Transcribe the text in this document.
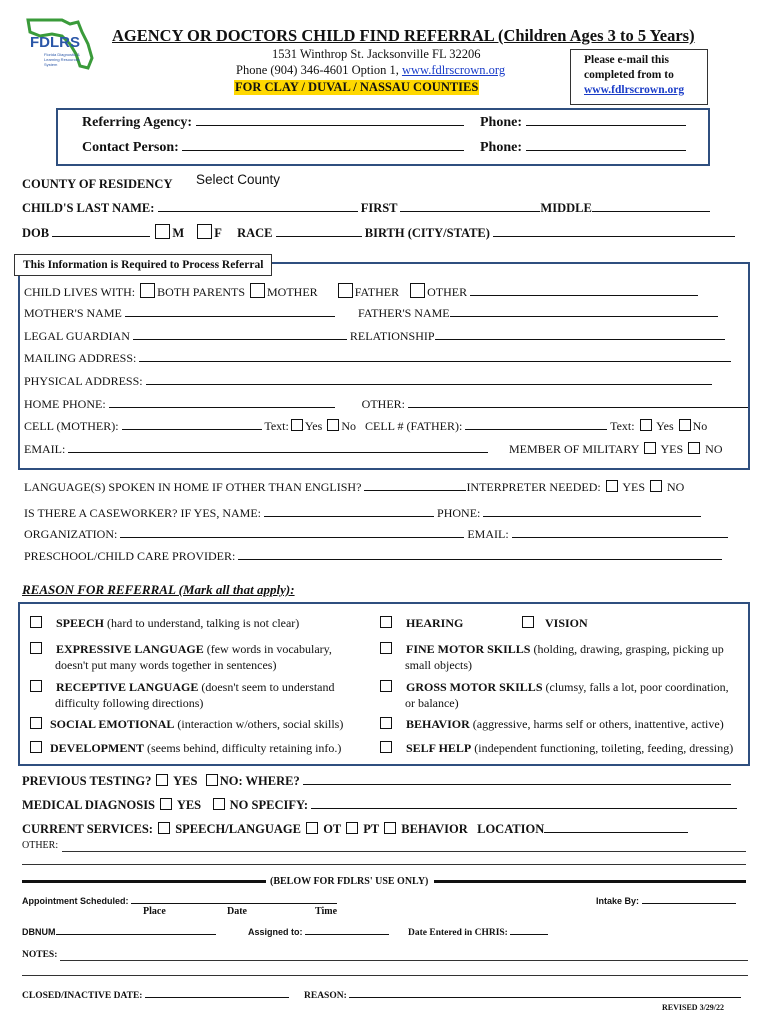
FDLRS
Florida Diagnostic & Learning Resources System
AGENCY OR DOCTORS CHILD FIND REFERRAL (Children Ages 3 to 5 Years)
1531 Winthrop St. Jacksonville FL 32206
Phone (904) 346-4601 Option 1, www.fdlrscrown.org
FOR CLAY / DUVAL / NASSAU COUNTIES
Please e-mail this
completed from to
www.fdlrscrown.org
Referring Agency:	Phone:
Contact Person:	Phone:
COUNTY OF RESIDENCY Select County
CHILD'S LAST NAME:	FIRST	MIDDLE
DOB	M F RACE	BIRTH (CITY/STATE)
This Information is Required to Process Referral
CHILD LIVES WITH: BOTH PARENTS MOTHER	FATHER OTHER
MOTHER'S NAME	FATHER'S NAME
LEGAL GUARDIAN	RELATIONSHIP
MAILING ADDRESS:
PHYSICAL ADDRESS:
HOME PHONE:	OTHER:
CELL (MOTHER):	Text: Yes No CELL # (FATHER):	Text: Yes No
EMAIL:	MEMBER OF MILITARY YES NO
LANGUAGE(S) SPOKEN IN HOME IF OTHER THAN ENGLISH?	INTERPRETER NEEDED: YES NO
IS THERE A CASEWORKER? IF YES, NAME:	PHONE:
ORGANIZATION:	EMAIL:
PRESCHOOL/CHILD CARE PROVIDER:
REASON FOR REFERRAL (Mark all that apply):
SPEECH (hard to understand, talking is not clear)	HEARING	VISION
EXPRESSIVE LANGUAGE (few words in vocabulary,
doesn't put many words together in sentences)
FINE MOTOR SKILLS (holding, drawing, grasping, picking up
small objects)
RECEPTIVE LANGUAGE (doesn't seem to understand
difficulty following directions)
GROSS MOTOR SKILLS (clumsy, falls a lot, poor coordination,
or balance)
SOCIAL EMOTIONAL (interaction w/others, social skills)	BEHAVIOR (aggressive, harms self or others, inattentive, active)
DEVELOPMENT (seems behind, difficulty retaining info.)	SELF HELP (independent functioning, toileting, feeding, dressing)
PREVIOUS TESTING? YES NO: WHERE?
MEDICAL DIAGNOSIS YES NO SPECIFY:
CURRENT SERVICES: SPEECH/LANGUAGE OT PT BEHAVIOR LOCATION
OTHER:
(BELOW FOR FDLRS' USE ONLY)
Appointment Scheduled:
Place	Date	Time
Intake By:
DBNUM	Assigned to:	Date Entered in CHRIS:
NOTES:
CLOSED/INACTIVE DATE:	REASON:
REVISED 3/29/22
